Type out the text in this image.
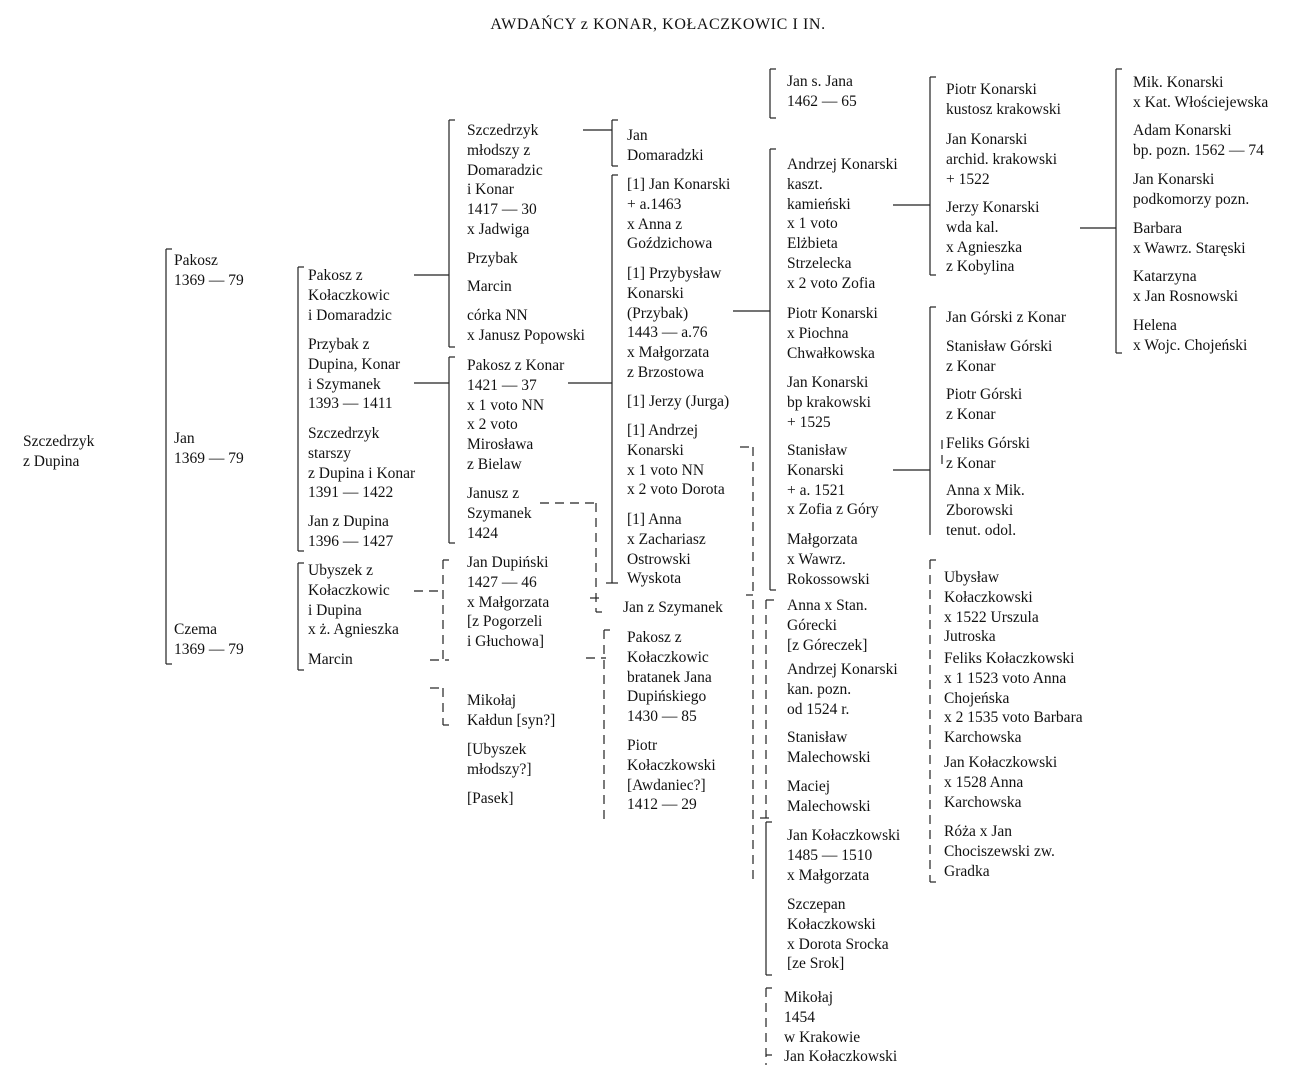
AWDAŃCY z KONAR, KOŁACZKOWIC I IN.
Szczedrzyk
z Dupina
Pakosz
1369 — 79
Jan
1369 — 79
Czema
1369 — 79
Pakosz z
Kołaczkowic
i Domaradzic
Przybak z
Dupina, Konar
i Szymanek
1393 — 1411
Szczedrzyk
starszy
z Dupina i Konar
1391 — 1422
Jan z Dupina
1396 — 1427
Ubyszek z
Kołaczkowic
i Dupina
x ż. Agnieszka
Marcin
Szczedrzyk
młodszy z
Domaradzic
i Konar
1417 — 30
x Jadwiga
Przybak
Marcin
córka NN
x Janusz Popowski
Pakosz z Konar
1421 — 37
x 1 voto NN
x 2 voto
Mirosława
z Bielaw
Janusz z
Szymanek
1424
Jan Dupiński
1427 — 46
x Małgorzata
[z Pogorzeli
i Głuchowa]
Mikołaj
Kałdun [syn?]
[Ubyszek
młodszy?]
[Pasek]
Jan
Domaradzki
[1] Jan Konarski
+ a.1463
x Anna z
Goździchowa
[1] Przybysław
Konarski
(Przybak)
1443 — a.76
x Małgorzata
z Brzostowa
[1] Jerzy (Jurga)
[1] Andrzej
Konarski
x 1 voto NN
x 2 voto Dorota
[1] Anna
x Zachariasz
Ostrowski
Wyskota
Jan z Szymanek
Pakosz z
Kołaczkowic
bratanek Jana
Dupińskiego
1430 — 85
Piotr
Kołaczkowski
[Awdaniec?]
1412 — 29
Jan s. Jana
1462 — 65
Andrzej Konarski
kaszt.
kamieński
x 1 voto
Elżbieta
Strzelecka
x 2 voto Zofia
Piotr Konarski
x Piochna
Chwałkowska
Jan Konarski
bp krakowski
+ 1525
Stanisław
Konarski
+ a. 1521
x Zofia z Góry
Małgorzata
x Wawrz.
Rokossowski
Anna x Stan.
Górecki
[z Góreczek]
Andrzej Konarski
kan. pozn.
od 1524 r.
Stanisław
Malechowski
Maciej
Malechowski
Jan Kołaczkowski
1485 — 1510
x Małgorzata
Szczepan
Kołaczkowski
x Dorota Srocka
[ze Srok]
Mikołaj
1454
w Krakowie
Jan Kołaczkowski
Piotr Konarski
kustosz krakowski
Jan Konarski
archid. krakowski
+ 1522
Jerzy Konarski
wda kal.
x Agnieszka
z Kobylina
Jan Górski z Konar
Stanisław Górski
z Konar
Piotr Górski
z Konar
Feliks Górski
z Konar
Anna x Mik.
Zborowski
tenut. odol.
Ubysław
Kołaczkowski
x 1522 Urszula
Jutroska
Feliks Kołaczkowski
x 1 1523 voto Anna
Chojeńska
x 2 1535 voto Barbara
Karchowska
Jan Kołaczkowski
x 1528 Anna
Karchowska
Róża x Jan
Chociszewski zw.
Gradka
Mik. Konarski
x Kat. Włościejewska
Adam Konarski
bp. pozn. 1562 — 74
Jan Konarski
podkomorzy pozn.
Barbara
x Wawrz. Staręski
Katarzyna
x Jan Rosnowski
Helena
x Wojc. Chojeński
